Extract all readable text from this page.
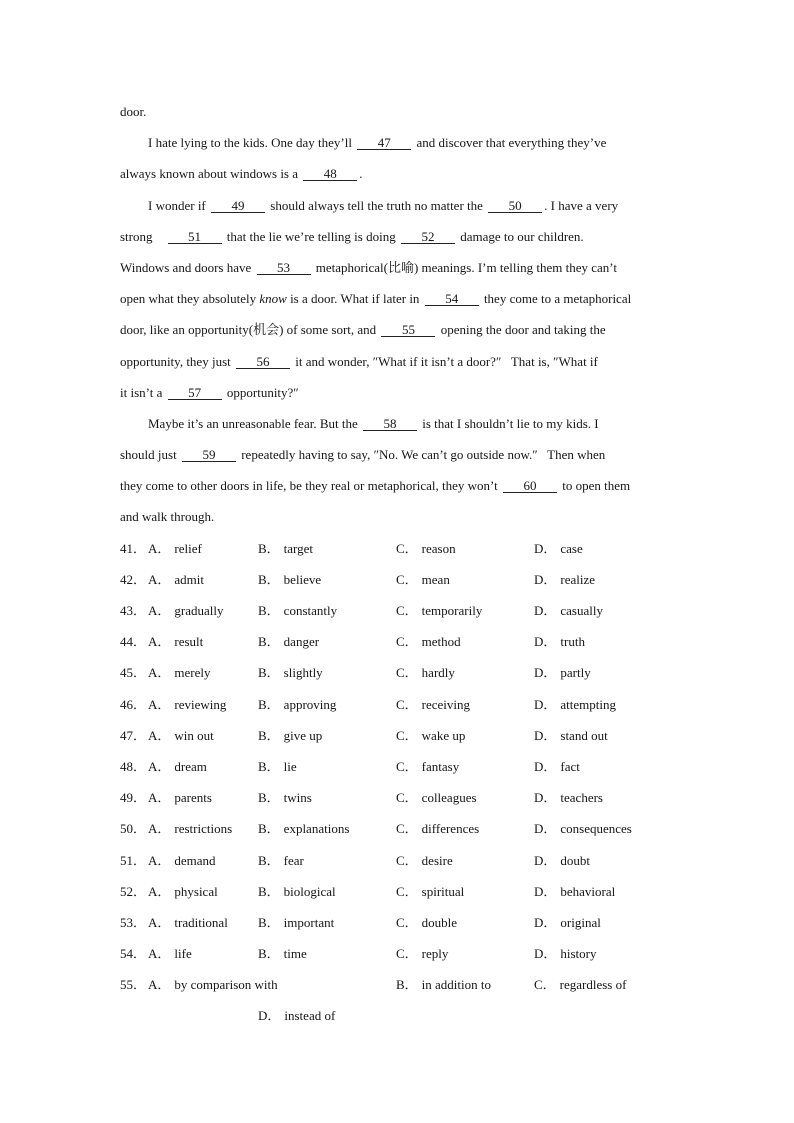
door.
I hate lying to the kids. One day they’ll 47 and discover that everything they’ve
always known about windows is a 48 .
I wonder if 49 should always tell the truth no matter the 50 . I have a very
strong    51 that the lie we’re telling is doing 52 damage to our children.
Windows and doors have 53 metaphorical(比喻) meanings. I’m telling them they can’t
open what they absolutely know is a door. What if later in 54 they come to a metaphorical
door, like an opportunity(机会) of some sort, and 55 opening the door and taking the
opportunity, they just 56 it and wonder, ″What if it isn’t a door?″   That is, ″What if
it isn’t a 57 opportunity?″
Maybe it’s an unreasonable fear. But the 58 is that I shouldn’t lie to my kids. I
should just 59 repeatedly having to say, ″No. We can’t go outside now.″   Then when
they come to other doors in life, be they real or metaphorical, they won’t 60 to open them
and walk through.
41． A． relief	B． target	C． reason	D． case
42． A． admit	B． believe	C． mean	D． realize
43． A． gradually	B． constantly	C． temporarily	D． casually
44． A． result	B． danger	C． method	D． truth
45． A． merely	B． slightly	C． hardly	D． partly
46． A． reviewing B． approving	C． receiving	D． attempting
47． A． win out	B． give up	C． wake up	D． stand out
48． A． dream	B． lie	C． fantasy	D． fact
49． A． parents	B． twins	C． colleagues	D． teachers
50． A． restrictions B． explanations	C． differences	D． consequences
51． A． demand	B． fear	C． desire	D． doubt
52． A． physical	B． biological	C． spiritual	D． behavioral
53． A． traditional B． important	C． double	D． original
54． A． life	B． time	C． reply	D． history
55． A． by comparison with	B． in addition to	C． regardless of
D． instead of
